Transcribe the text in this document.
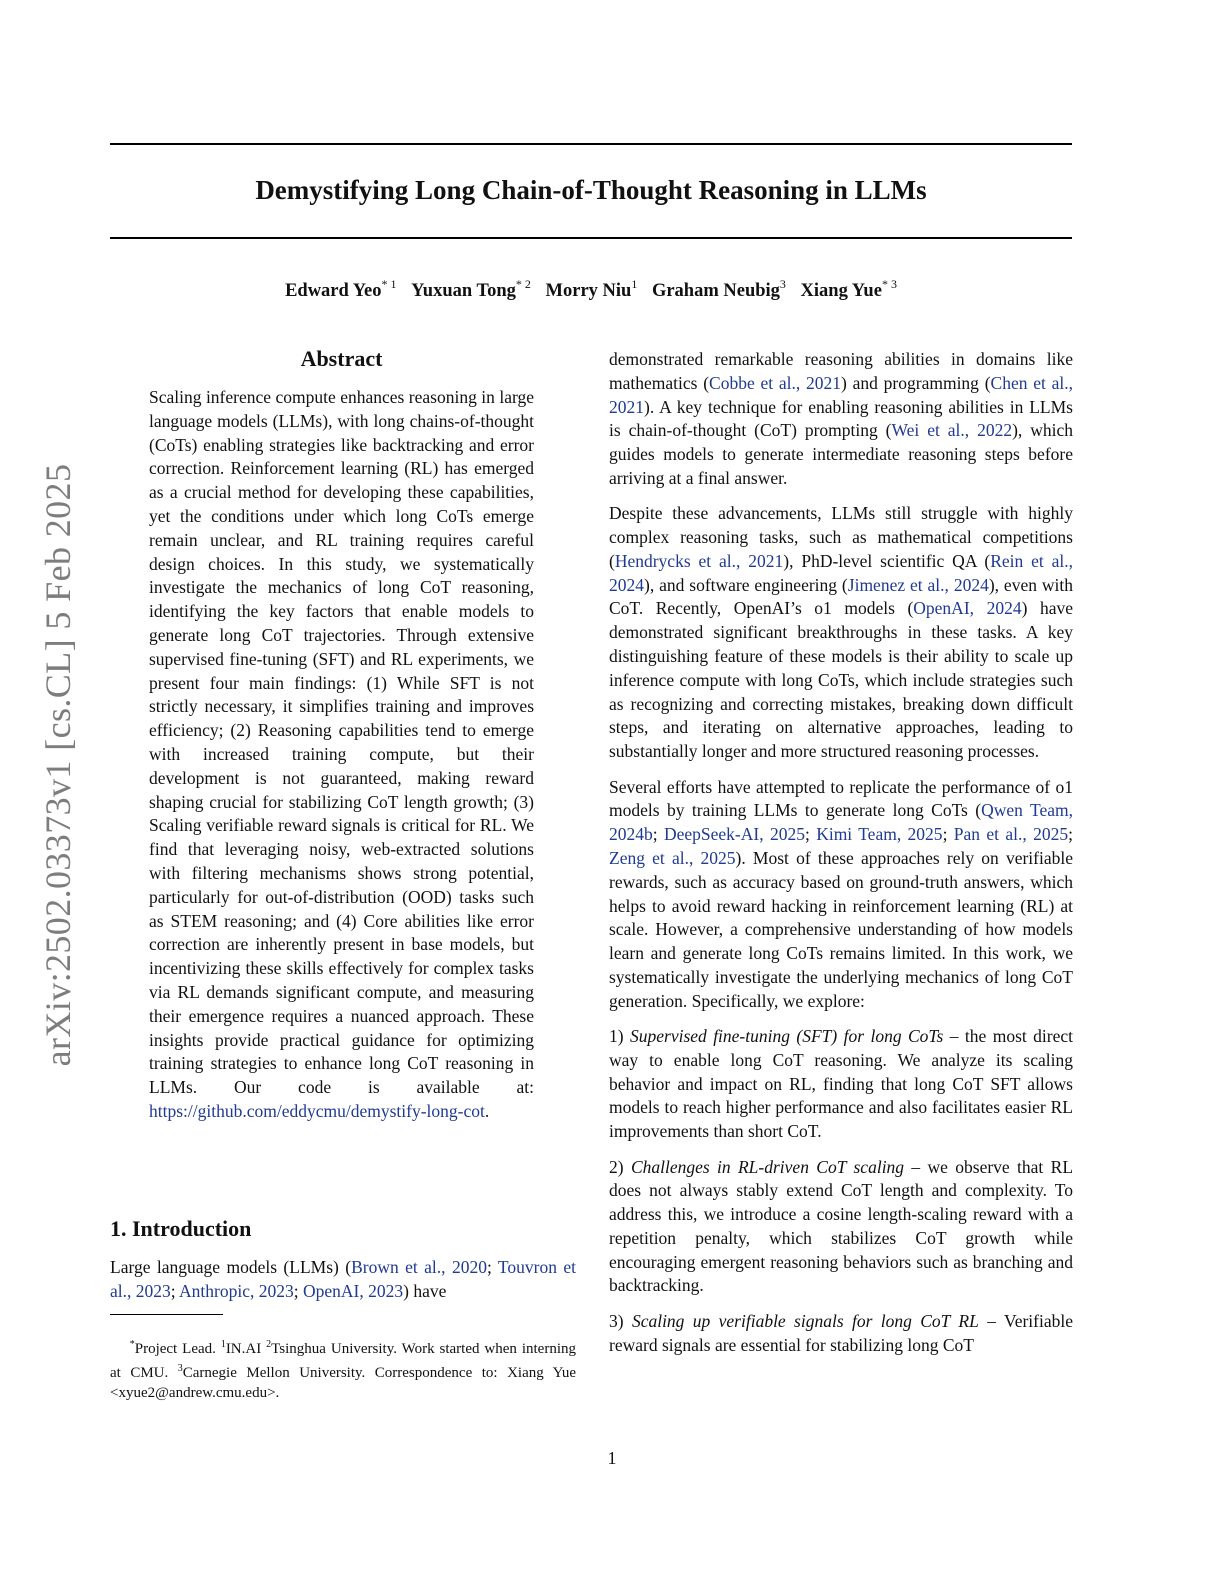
Demystifying Long Chain-of-Thought Reasoning in LLMs
Edward Yeo$^{* 1}$ Yuxuan Tong$^{* 2}$ Morry Niu$^1$ Graham Neubig$^3$ Xiang Yue$^{* 3}$
arXiv:2502.03373v1 [cs.CL] 5 Feb 2025
Abstract

Scaling inference compute enhances reasoning in large language models (LLMs), with long chains-of-thought (CoTs) enabling strategies like backtracking and error correction. Reinforcement learning (RL) has emerged as a crucial method for developing these capabilities, yet the conditions under which long CoTs emerge remain unclear, and RL training requires careful design choices. In this study, we systematically investigate the mechanics of long CoT reasoning, identifying the key factors that enable models to generate long CoT trajectories. Through extensive supervised fine-tuning (SFT) and RL experiments, we present four main findings: (1) While SFT is not strictly necessary, it simplifies training and improves efficiency; (2) Reasoning capabilities tend to emerge with increased training compute, but their development is not guaranteed, making reward shaping crucial for stabilizing CoT length growth; (3) Scaling verifiable reward signals is critical for RL. We find that leveraging noisy, web-extracted solutions with filtering mechanisms shows strong potential, particularly for out-of-distribution (OOD) tasks such as STEM reasoning; and (4) Core abilities like error correction are inherently present in base models, but incentivizing these skills effectively for complex tasks via RL demands significant compute, and measuring their emergence requires a nuanced approach. These insights provide practical guidance for optimizing training strategies to enhance long CoT reasoning in LLMs. Our code is available at: https://github.com/eddycmu/demystify-long-cot.

1. Introduction

Large language models (LLMs) (Brown et al., 2020; Touvron et al., 2023; Anthropic, 2023; OpenAI, 2023) have

*Project Lead. $^1$IN.AI $^2$Tsinghua University. Work started when interning at CMU. $^3$Carnegie Mellon University. Correspondence to: Xiang Yue <xyue2@andrew.cmu.edu>.

demonstrated remarkable reasoning abilities in domains like mathematics (Cobbe et al., 2021) and programming (Chen et al., 2021). A key technique for enabling reasoning abilities in LLMs is chain-of-thought (CoT) prompting (Wei et al., 2022), which guides models to generate intermediate reasoning steps before arriving at a final answer.

Despite these advancements, LLMs still struggle with highly complex reasoning tasks, such as mathematical competitions (Hendrycks et al., 2021), PhD-level scientific QA (Rein et al., 2024), and software engineering (Jimenez et al., 2024), even with CoT. Recently, OpenAI’s o1 models (OpenAI, 2024) have demonstrated significant breakthroughs in these tasks. A key distinguishing feature of these models is their ability to scale up inference compute with long CoTs, which include strategies such as recognizing and correcting mistakes, breaking down difficult steps, and iterating on alternative approaches, leading to substantially longer and more structured reasoning processes.

Several efforts have attempted to replicate the performance of o1 models by training LLMs to generate long CoTs (Qwen Team, 2024b; DeepSeek-AI, 2025; Kimi Team, 2025; Pan et al., 2025; Zeng et al., 2025). Most of these approaches rely on verifiable rewards, such as accuracy based on ground-truth answers, which helps to avoid reward hacking in reinforcement learning (RL) at scale. However, a comprehensive understanding of how models learn and generate long CoTs remains limited. In this work, we systematically investigate the underlying mechanics of long CoT generation. Specifically, we explore:

1) Supervised fine-tuning (SFT) for long CoTs – the most direct way to enable long CoT reasoning. We analyze its scaling behavior and impact on RL, finding that long CoT SFT allows models to reach higher performance and also facilitates easier RL improvements than short CoT.

2) Challenges in RL-driven CoT scaling – we observe that RL does not always stably extend CoT length and complexity. To address this, we introduce a cosine length-scaling reward with a repetition penalty, which stabilizes CoT growth while encouraging emergent reasoning behaviors such as branching and backtracking.

3) Scaling up verifiable signals for long CoT RL – Verifiable reward signals are essential for stabilizing long CoT

1
